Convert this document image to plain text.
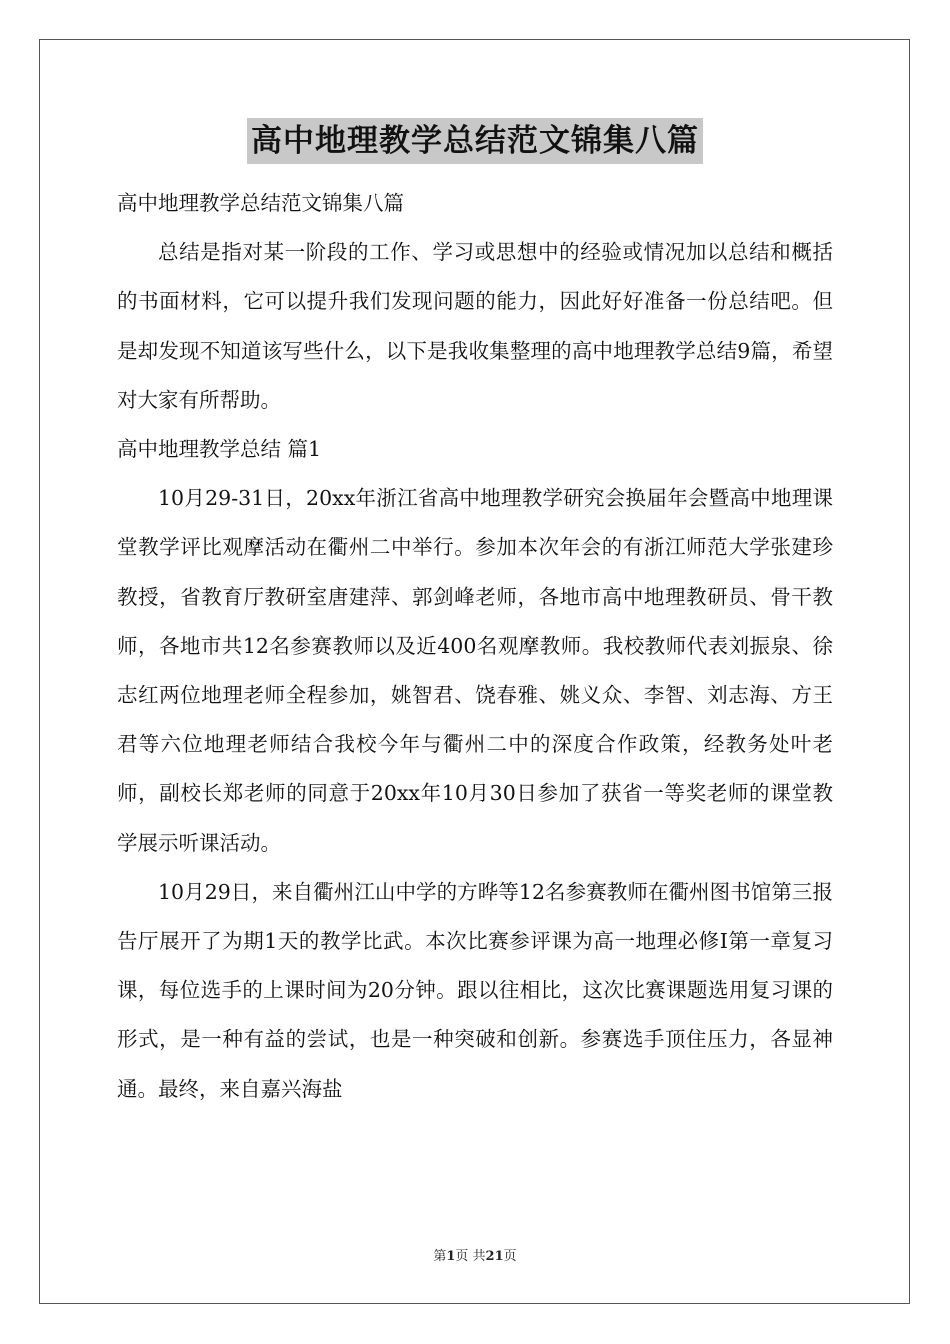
高中地理教学总结范文锦集八篇

高中地理教学总结范文锦集八篇

总结是指对某一阶段的工作、学习或思想中的经验或情况加以总结和概括的书面材料，它可以提升我们发现问题的能力，因此好好准备一份总结吧。但是却发现不知道该写些什么，以下是我收集整理的高中地理教学总结9篇，希望对大家有所帮助。

高中地理教学总结 篇1

10月29-31日，20xx年浙江省高中地理教学研究会换届年会暨高中地理课堂教学评比观摩活动在衢州二中举行。参加本次年会的有浙江师范大学张建珍教授，省教育厅教研室唐建萍、郭剑峰老师，各地市高中地理教研员、骨干教师，各地市共12名参赛教师以及近400名观摩教师。我校教师代表刘振泉、徐志红两位地理老师全程参加，姚智君、饶春雅、姚义众、李智、刘志海、方王君等六位地理老师结合我校今年与衢州二中的深度合作政策，经教务处叶老师，副校长郑老师的同意于20xx年10月30日参加了获省一等奖老师的课堂教学展示听课活动。

10月29日，来自衢州江山中学的方晔等12名参赛教师在衢州图书馆第三报告厅展开了为期1天的教学比武。本次比赛参评课为高一地理必修Ⅰ第一章复习课，每位选手的上课时间为20分钟。跟以往相比，这次比赛课题选用复习课的形式，是一种有益的尝试，也是一种突破和创新。参赛选手顶住压力，各显神通。最终，来自嘉兴海盐

第1页 共21页
